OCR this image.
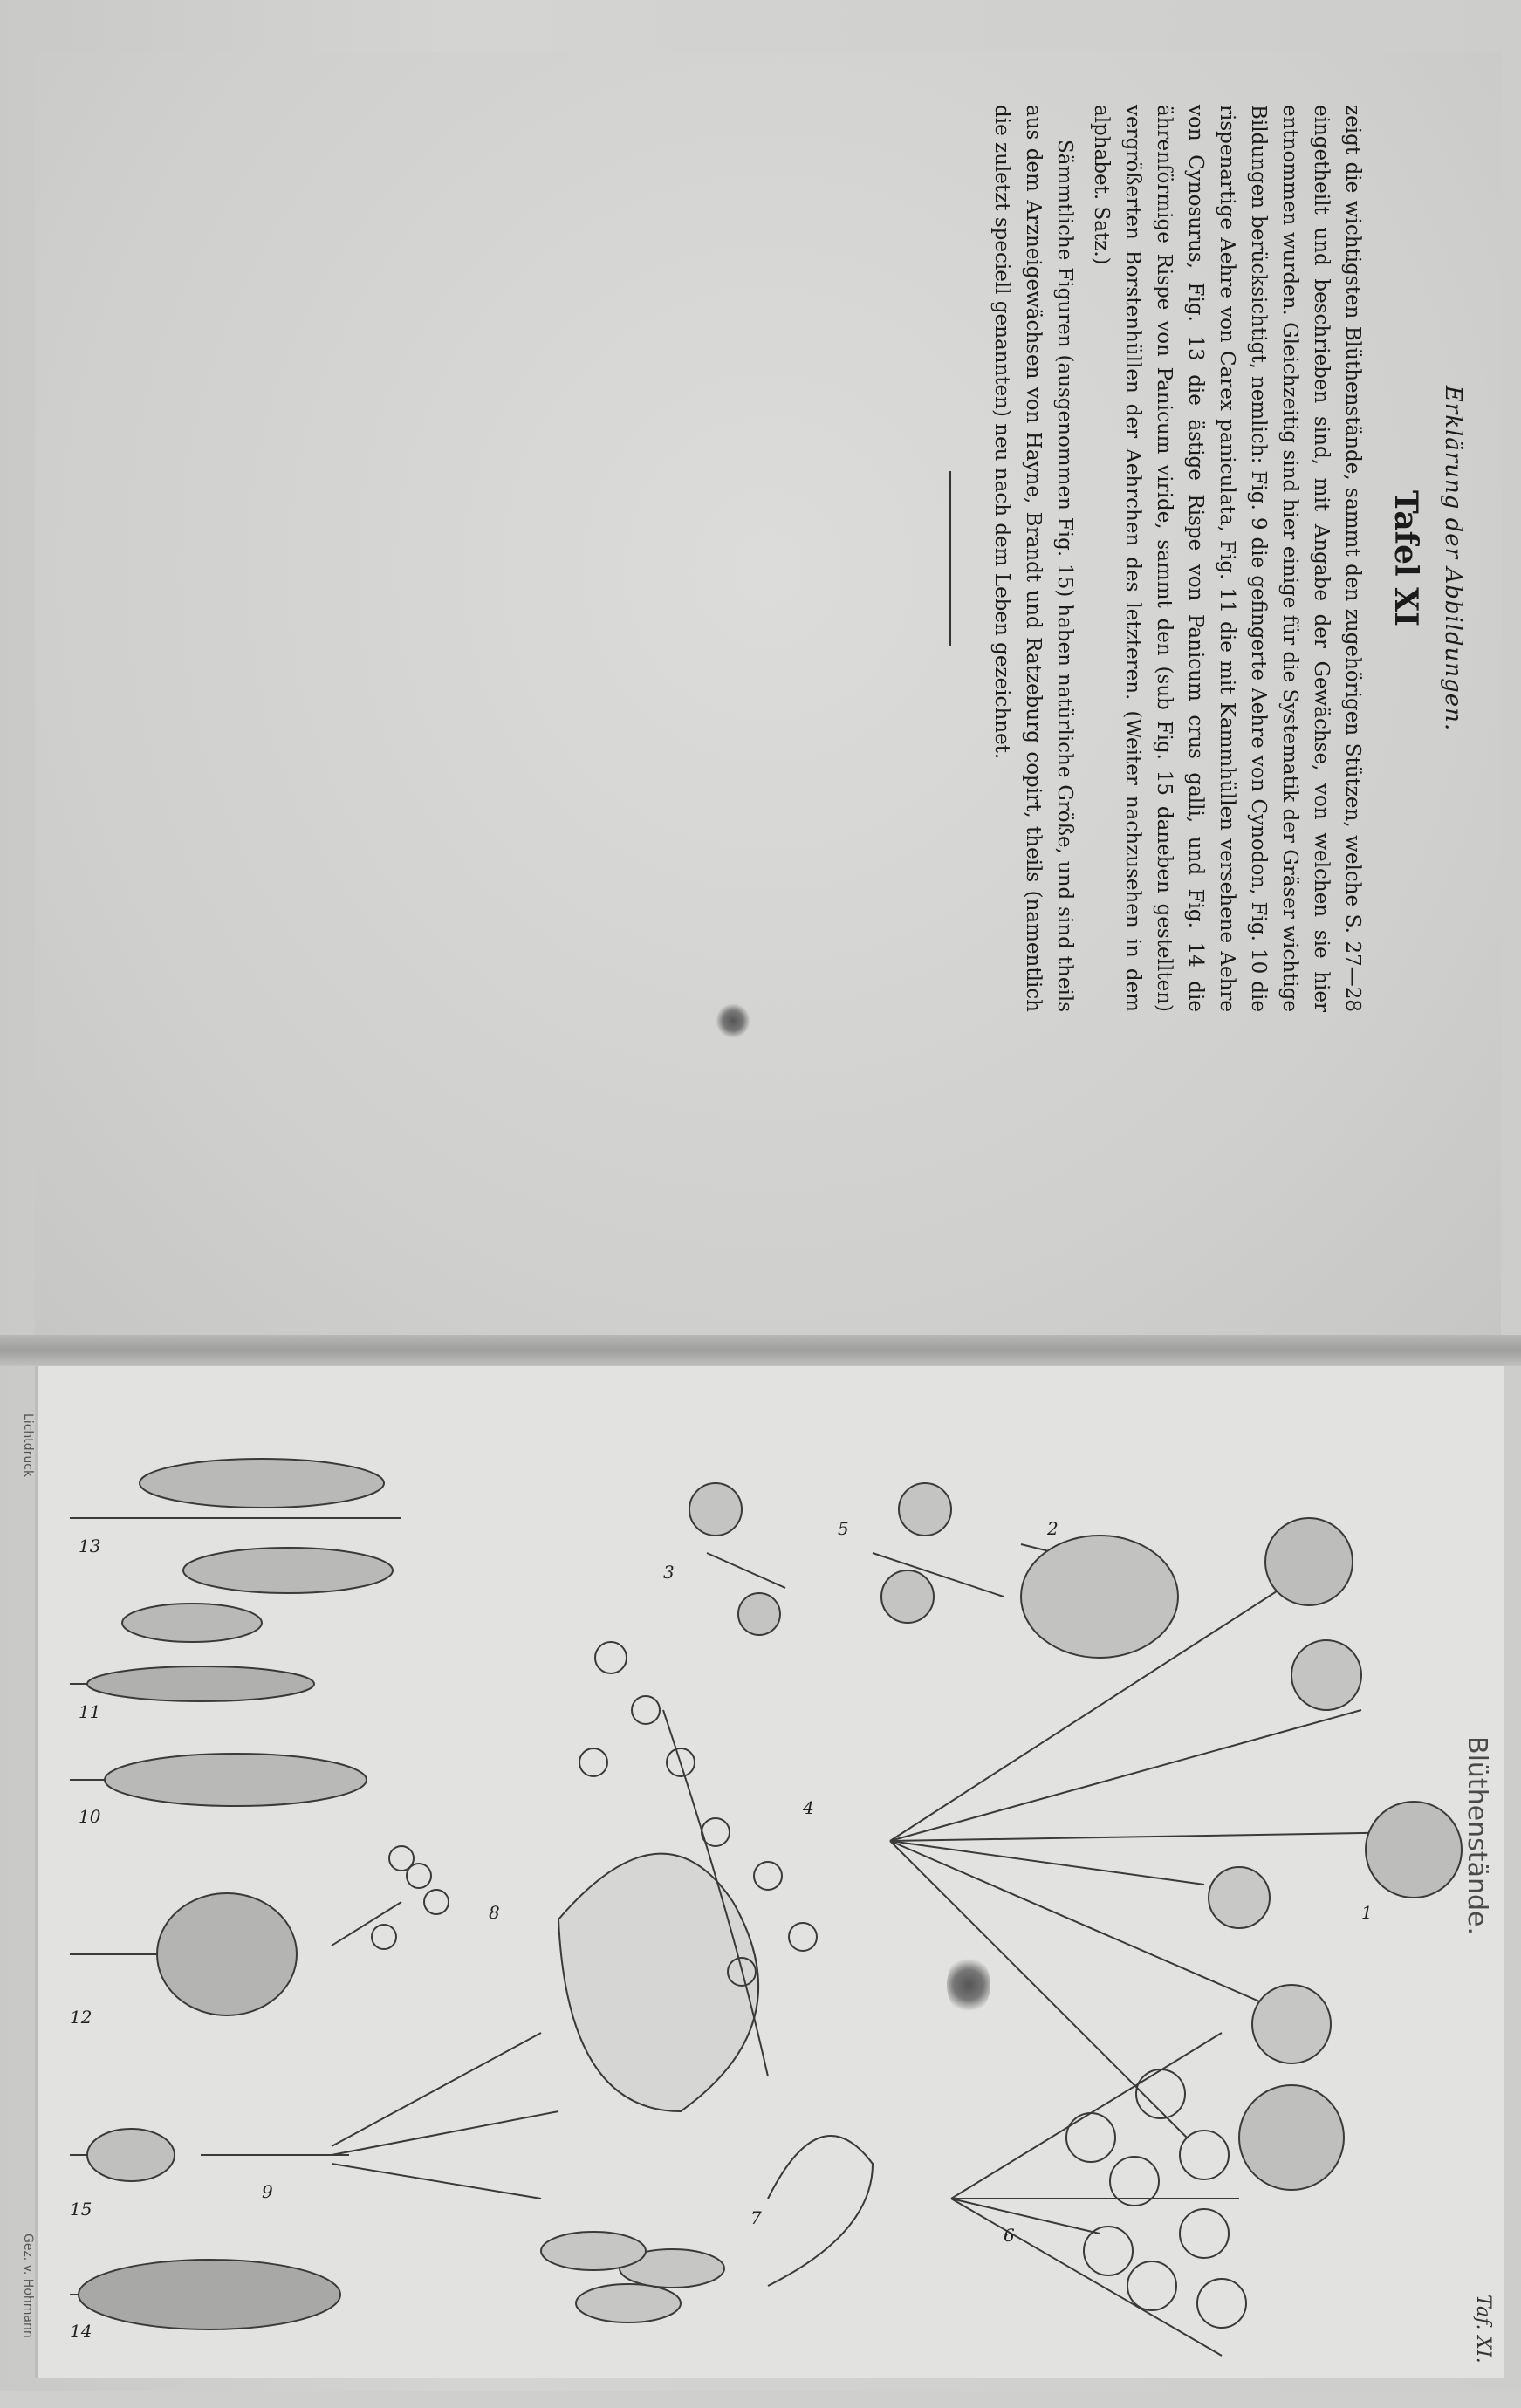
Erklärung der Abbildungen.
Tafel XI

zeigt die wichtigsten Blüthenstände, sammt den zugehörigen Stützen, welche S. 27—28 eingetheilt und beschrieben sind, mit Angabe der Gewächse, von welchen sie hier entnommen wurden. Gleichzeitig sind hier einige für die Systematik der Gräser wichtige Bildungen berücksichtigt, nemlich: Fig. 9 die gefingerte Aehre von Cynodon, Fig. 10 die rispenartige Aehre von Carex paniculata, Fig. 11 die mit Kammhüllen versehene Aehre von Cynosurus, Fig. 13 die ästige Rispe von Panicum crus galli, und Fig. 14 die ährenförmige Rispe von Panicum viride, sammt den (sub Fig. 15 daneben gestellten) vergrößerten Borstenhüllen der Aehrchen des letzteren. (Weiter nachzusehen in dem alphabet. Satz.)

Sämmtliche Figuren (ausgenommen Fig. 15) haben natürliche Größe, und sind theils aus dem Arzneigewächsen von Hayne, Brandt und Ratzeburg copirt, theils (namentlich die zuletzt speciell genannten) neu nach dem Leben gezeichnet.

Blüthenstände.
Taf. XI.
Lichtdruck
Gez. v. Hohmann
1
2
3
4
5
6
7
8
9
10
11
12
13
14
15
